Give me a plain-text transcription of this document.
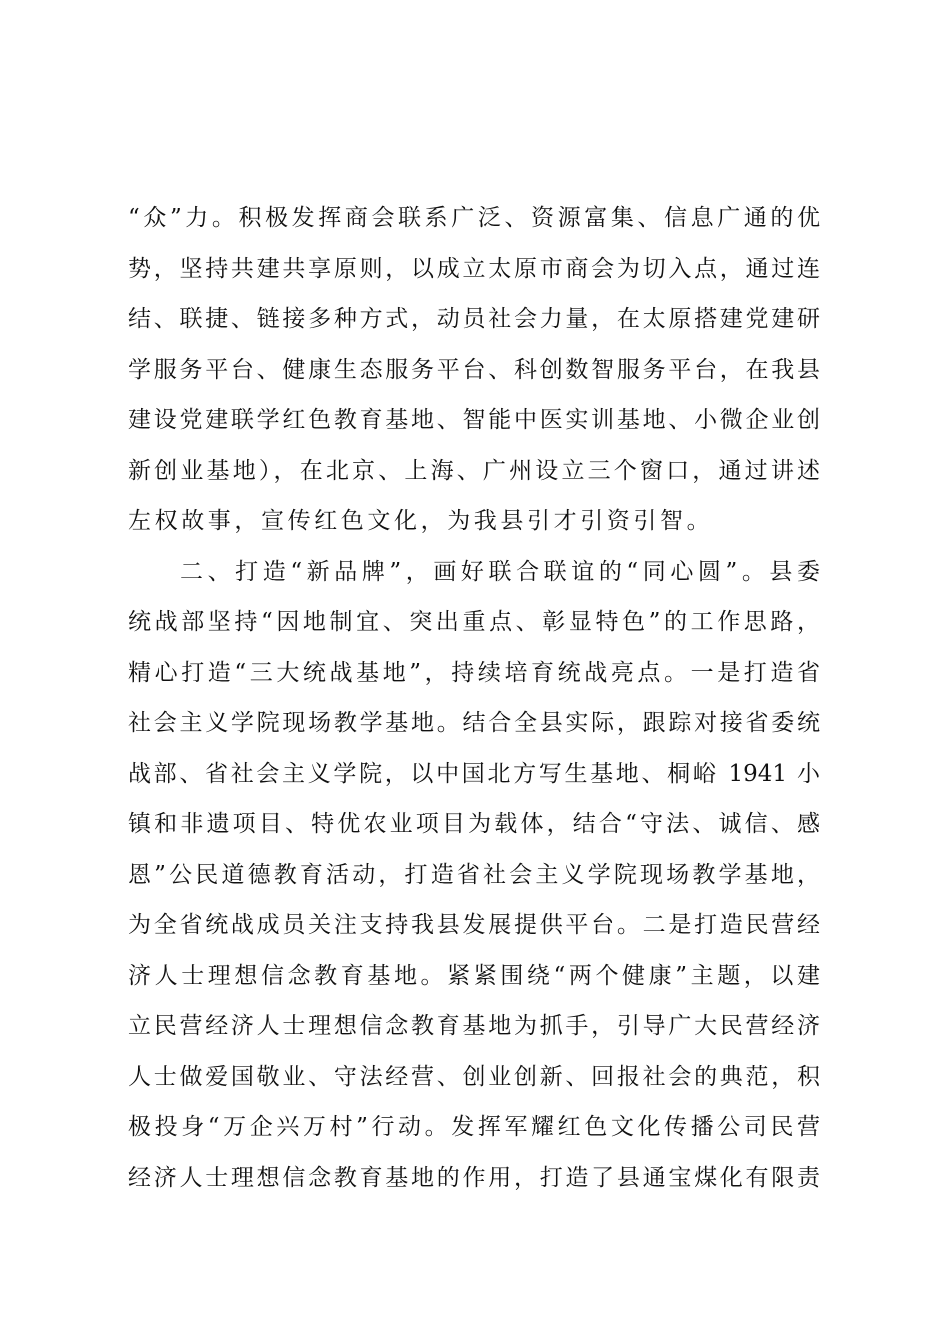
“众”力。积极发挥商会联系广泛、资源富集、信息广通的优
势，坚持共建共享原则，以成立太原市商会为切入点，通过连
结、联捷、链接多种方式，动员社会力量，在太原搭建党建研
学服务平台、健康生态服务平台、科创数智服务平台，在我县
建设党建联学红色教育基地、智能中医实训基地、小微企业创
新创业基地），在北京、上海、广州设立三个窗口，通过讲述
左权故事，宣传红色文化，为我县引才引资引智。
二、打造“新品牌”，画好联合联谊的“同心圆”。县委
统战部坚持“因地制宜、突出重点、彰显特色”的工作思路，
精心打造“三大统战基地”，持续培育统战亮点。一是打造省
社会主义学院现场教学基地。结合全县实际，跟踪对接省委统
战部、省社会主义学院，以中国北方写生基地、桐峪 1941 小
镇和非遗项目、特优农业项目为载体，结合“守法、诚信、感
恩”公民道德教育活动，打造省社会主义学院现场教学基地，
为全省统战成员关注支持我县发展提供平台。二是打造民营经
济人士理想信念教育基地。紧紧围绕“两个健康”主题，以建
立民营经济人士理想信念教育基地为抓手，引导广大民营经济
人士做爱国敬业、守法经营、创业创新、回报社会的典范，积
极投身“万企兴万村”行动。发挥军耀红色文化传播公司民营
经济人士理想信念教育基地的作用，打造了县通宝煤化有限责
